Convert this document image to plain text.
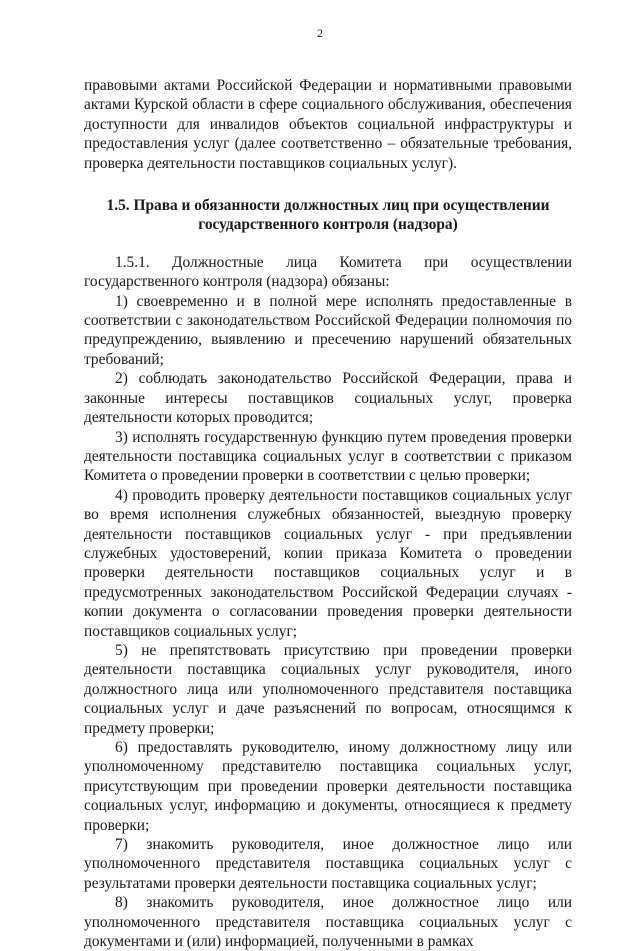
2

правовыми актами Российской Федерации и нормативными правовыми актами Курской области в сфере социального обслуживания, обеспечения доступности для инвалидов объектов социальной инфраструктуры и предоставления услуг (далее соответственно – обязательные требования, проверка деятельности поставщиков социальных услуг).

1.5. Права и обязанности должностных лиц при осуществлении
государственного контроля (надзора)

1.5.1. Должностные лица Комитета при осуществлении государственного контроля (надзора) обязаны:

1) своевременно и в полной мере исполнять предоставленные в соответствии с законодательством Российской Федерации полномочия по предупреждению, выявлению и пресечению нарушений обязательных требований;

2) соблюдать законодательство Российской Федерации, права и законные интересы поставщиков социальных услуг, проверка деятельности которых проводится;

3) исполнять государственную функцию путем проведения проверки деятельности поставщика социальных услуг в соответствии с приказом Комитета о проведении проверки в соответствии с целью проверки;

4) проводить проверку деятельности поставщиков социальных услуг во время исполнения служебных обязанностей, выездную проверку деятельности поставщиков социальных услуг - при предъявлении служебных удостоверений, копии приказа Комитета о проведении проверки деятельности поставщиков социальных услуг и в предусмотренных законодательством Российской Федерации случаях - копии документа о согласовании проведения проверки деятельности поставщиков социальных услуг;

5) не препятствовать присутствию при проведении проверки деятельности поставщика социальных услуг руководителя, иного должностного лица или уполномоченного представителя поставщика социальных услуг и даче разъяснений по вопросам, относящимся к предмету проверки;

6) предоставлять руководителю, иному должностному лицу или уполномоченному представителю поставщика социальных услуг, присутствующим при проведении проверки деятельности поставщика социальных услуг, информацию и документы, относящиеся к предмету проверки;

7) знакомить руководителя, иное должностное лицо или уполномоченного представителя поставщика социальных услуг с результатами проверки деятельности поставщика социальных услуг;

8) знакомить руководителя, иное должностное лицо или уполномоченного представителя поставщика социальных услуг с документами и (или) информацией, полученными в рамках
